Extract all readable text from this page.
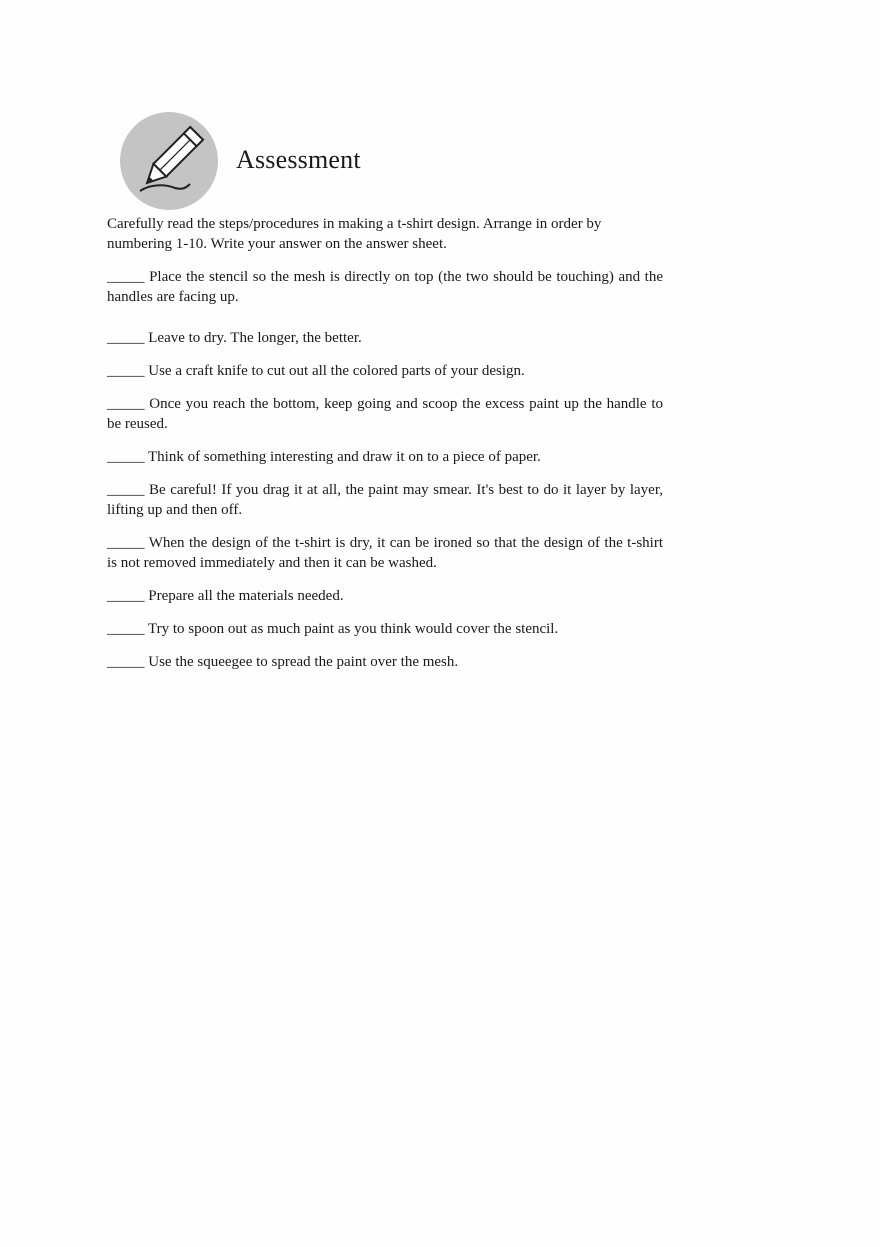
Assessment

Carefully read the steps/procedures in making a t-shirt design. Arrange in order by numbering 1-10. Write your answer on the answer sheet.

_____ Place the stencil so the mesh is directly on top (the two should be touching) and the handles are facing up.

_____ Leave to dry. The longer, the better.

_____ Use a craft knife to cut out all the colored parts of your design.

_____ Once you reach the bottom, keep going and scoop the excess paint up the handle to be reused.

_____ Think of something interesting and draw it on to a piece of paper.

_____ Be careful! If you drag it at all, the paint may smear. It's best to do it layer by layer, lifting up and then off.

_____ When the design of the t-shirt is dry, it can be ironed so that the design of the t-shirt is not removed immediately and then it can be washed.

_____ Prepare all the materials needed.

_____ Try to spoon out as much paint as you think would cover the stencil.

_____ Use the squeegee to spread the paint over the mesh.
